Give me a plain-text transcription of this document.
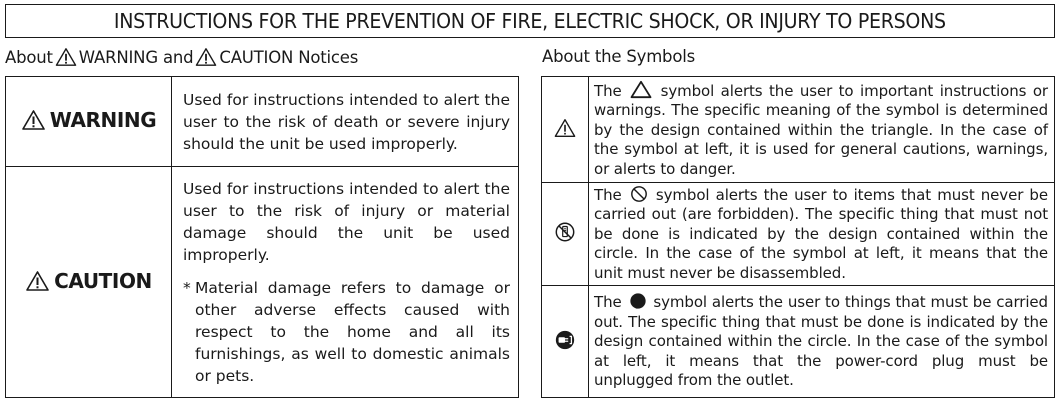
INSTRUCTIONS FOR THE PREVENTION OF FIRE, ELECTRIC SHOCK, OR INJURY TO PERSONS
About WARNING and CAUTION Notices	About the Symbols
WARNING	Used for instructions intended to alert the user to the risk of death or severe injury should the unit be used improperly.

CAUTION	Used for instructions intended to alert the user to the risk of injury or material damage should the unit be used improperly.
* Material damage refers to damage or other adverse effects caused with respect to the home and all its furnishings, as well to domestic animals or pets.
	The  symbol alerts the user to important instructions or warnings. The specific meaning of the symbol is determined by the design contained within the triangle. In the case of the symbol at left, it is used for general cautions, warnings, or alerts to danger.
	The  symbol alerts the user to items that must never be carried out (are forbidden). The specific thing that must not be done is indicated by the design contained within the circle. In the case of the symbol at left, it means that the unit must never be disassembled.
	The  symbol alerts the user to things that must be carried out. The specific thing that must be done is indicated by the design contained within the circle. In the case of the symbol at left, it means that the power-cord plug must be unplugged from the outlet.
